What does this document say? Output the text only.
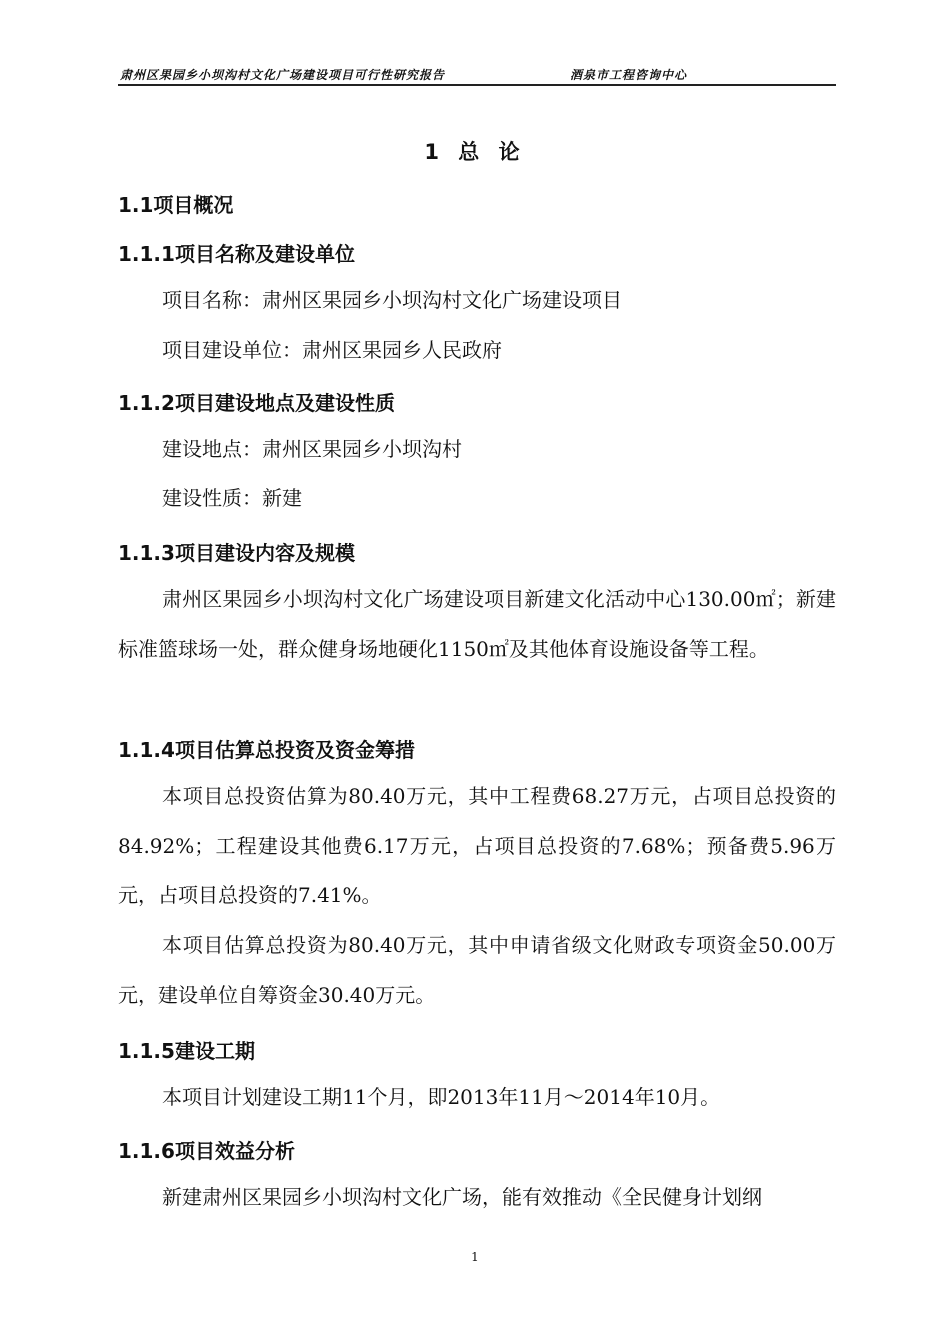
肃州区果园乡小坝沟村文化广场建设项目可行性研究报告	酒泉市工程咨询中心
1 总 论
1.1项目概况
1.1.1项目名称及建设单位

项目名称：肃州区果园乡小坝沟村文化广场建设项目

项目建设单位：肃州区果园乡人民政府

1.1.2项目建设地点及建设性质

建设地点：肃州区果园乡小坝沟村

建设性质：新建

1.1.3项目建设内容及规模

肃州区果园乡小坝沟村文化广场建设项目新建文化活动中心130.00㎡；新建标准篮球场一处，群众健身场地硬化1150㎡及其他体育设施设备等工程。

1.1.4项目估算总投资及资金筹措

本项目总投资估算为80.40万元，其中工程费68.27万元，占项目总投资的84.92%；工程建设其他费6.17万元，占项目总投资的7.68%；预备费5.96万元，占项目总投资的7.41%。

本项目估算总投资为80.40万元，其中申请省级文化财政专项资金50.00万元，建设单位自筹资金30.40万元。

1.1.5建设工期

本项目计划建设工期11个月，即2013年11月～2014年10月。

1.1.6项目效益分析

新建肃州区果园乡小坝沟村文化广场，能有效推动《全民健身计划纲

1
